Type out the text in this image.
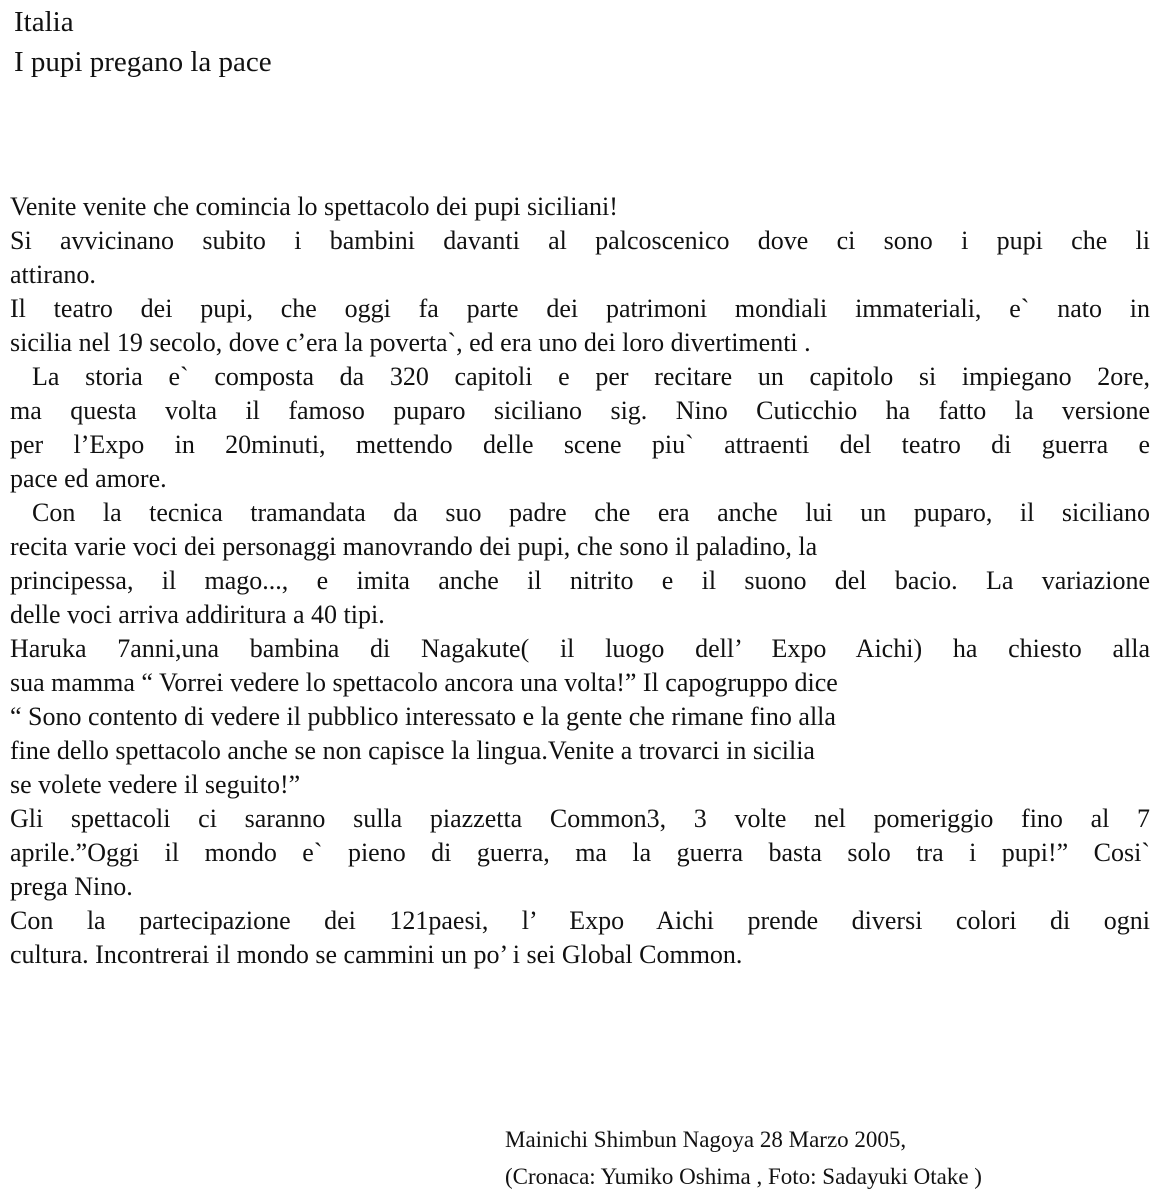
Italia
I pupi pregano la pace
Venite venite che comincia lo spettacolo dei pupi siciliani!
Si avvicinano subito i bambini davanti al palcoscenico dove ci sono i pupi che li
attirano.
Il teatro dei pupi, che oggi fa parte dei patrimoni mondiali immateriali, e` nato in
sicilia nel 19 secolo, dove c’era la poverta`, ed era uno dei loro divertimenti .
La storia e` composta da 320 capitoli e per recitare un capitolo si impiegano 2ore,
ma questa volta il famoso puparo siciliano sig. Nino Cuticchio ha fatto la versione
per l’Expo in 20minuti, mettendo delle scene piu` attraenti del teatro di guerra e
pace ed amore.
Con la tecnica tramandata da suo padre che era anche lui un puparo, il siciliano
recita varie voci dei personaggi manovrando dei pupi, che sono il paladino, la
principessa, il mago..., e imita anche il nitrito e il suono del bacio. La variazione
delle voci arriva addiritura a 40 tipi.
Haruka 7anni,una bambina di Nagakute( il luogo dell’ Expo Aichi) ha chiesto alla
sua mamma “ Vorrei vedere lo spettacolo ancora una volta!” Il capogruppo dice
“ Sono contento di vedere il pubblico interessato e la gente che rimane fino alla
fine dello spettacolo anche se non capisce la lingua.Venite a trovarci in sicilia
se volete vedere il seguito!”
Gli spettacoli ci saranno sulla piazzetta Common3, 3 volte nel pomeriggio fino al 7
aprile.”Oggi il mondo e` pieno di guerra, ma la guerra basta solo tra i pupi!” Cosi`
prega Nino.
Con la partecipazione dei 121paesi, l’ Expo Aichi prende diversi colori di ogni
cultura. Incontrerai il mondo se cammini un po’ i sei Global Common.
Mainichi Shimbun Nagoya 28 Marzo 2005,
(Cronaca: Yumiko Oshima , Foto: Sadayuki Otake )
